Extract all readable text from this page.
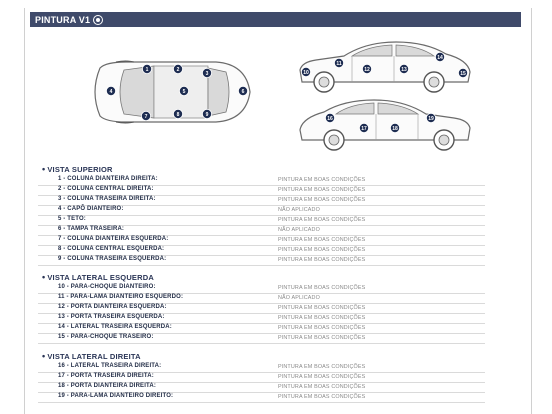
PINTURA V1
1	2
3
4	5	6
7	8	9
10
11
12	13
14
15
16
17	18
19
• VISTA SUPERIOR
1 - COLUNA DIANTEIRA DIREITA:	PINTURA EM BOAS CONDIÇÕES
2 - COLUNA CENTRAL DIREITA:	PINTURA EM BOAS CONDIÇÕES
3 - COLUNA TRASEIRA DIREITA:	PINTURA EM BOAS CONDIÇÕES
4 - CAPÔ DIANTEIRO:	NÃO APLICADO
5 - TETO:	PINTURA EM BOAS CONDIÇÕES
6 - TAMPA TRASEIRA:	NÃO APLICADO
7 - COLUNA DIANTEIRA ESQUERDA:	PINTURA EM BOAS CONDIÇÕES
8 - COLUNA CENTRAL ESQUERDA:	PINTURA EM BOAS CONDIÇÕES
9 - COLUNA TRASEIRA ESQUERDA:	PINTURA EM BOAS CONDIÇÕES
• VISTA LATERAL ESQUERDA
10 - PARA-CHOQUE DIANTEIRO:	PINTURA EM BOAS CONDIÇÕES
11 - PARA-LAMA DIANTEIRO ESQUERDO:	NÃO APLICADO
12 - PORTA DIANTEIRA ESQUERDA:	PINTURA EM BOAS CONDIÇÕES
13 - PORTA TRASEIRA ESQUERDA:	PINTURA EM BOAS CONDIÇÕES
14 - LATERAL TRASEIRA ESQUERDA:	PINTURA EM BOAS CONDIÇÕES
15 - PARA-CHOQUE TRASEIRO:	PINTURA EM BOAS CONDIÇÕES
• VISTA LATERAL DIREITA
16 - LATERAL TRASEIRA DIREITA:	PINTURA EM BOAS CONDIÇÕES
17 - PORTA TRASEIRA DIREITA:	PINTURA EM BOAS CONDIÇÕES
18 - PORTA DIANTEIRA DIREITA:	PINTURA EM BOAS CONDIÇÕES
19 - PARA-LAMA DIANTEIRO DIREITO:	PINTURA EM BOAS CONDIÇÕES
